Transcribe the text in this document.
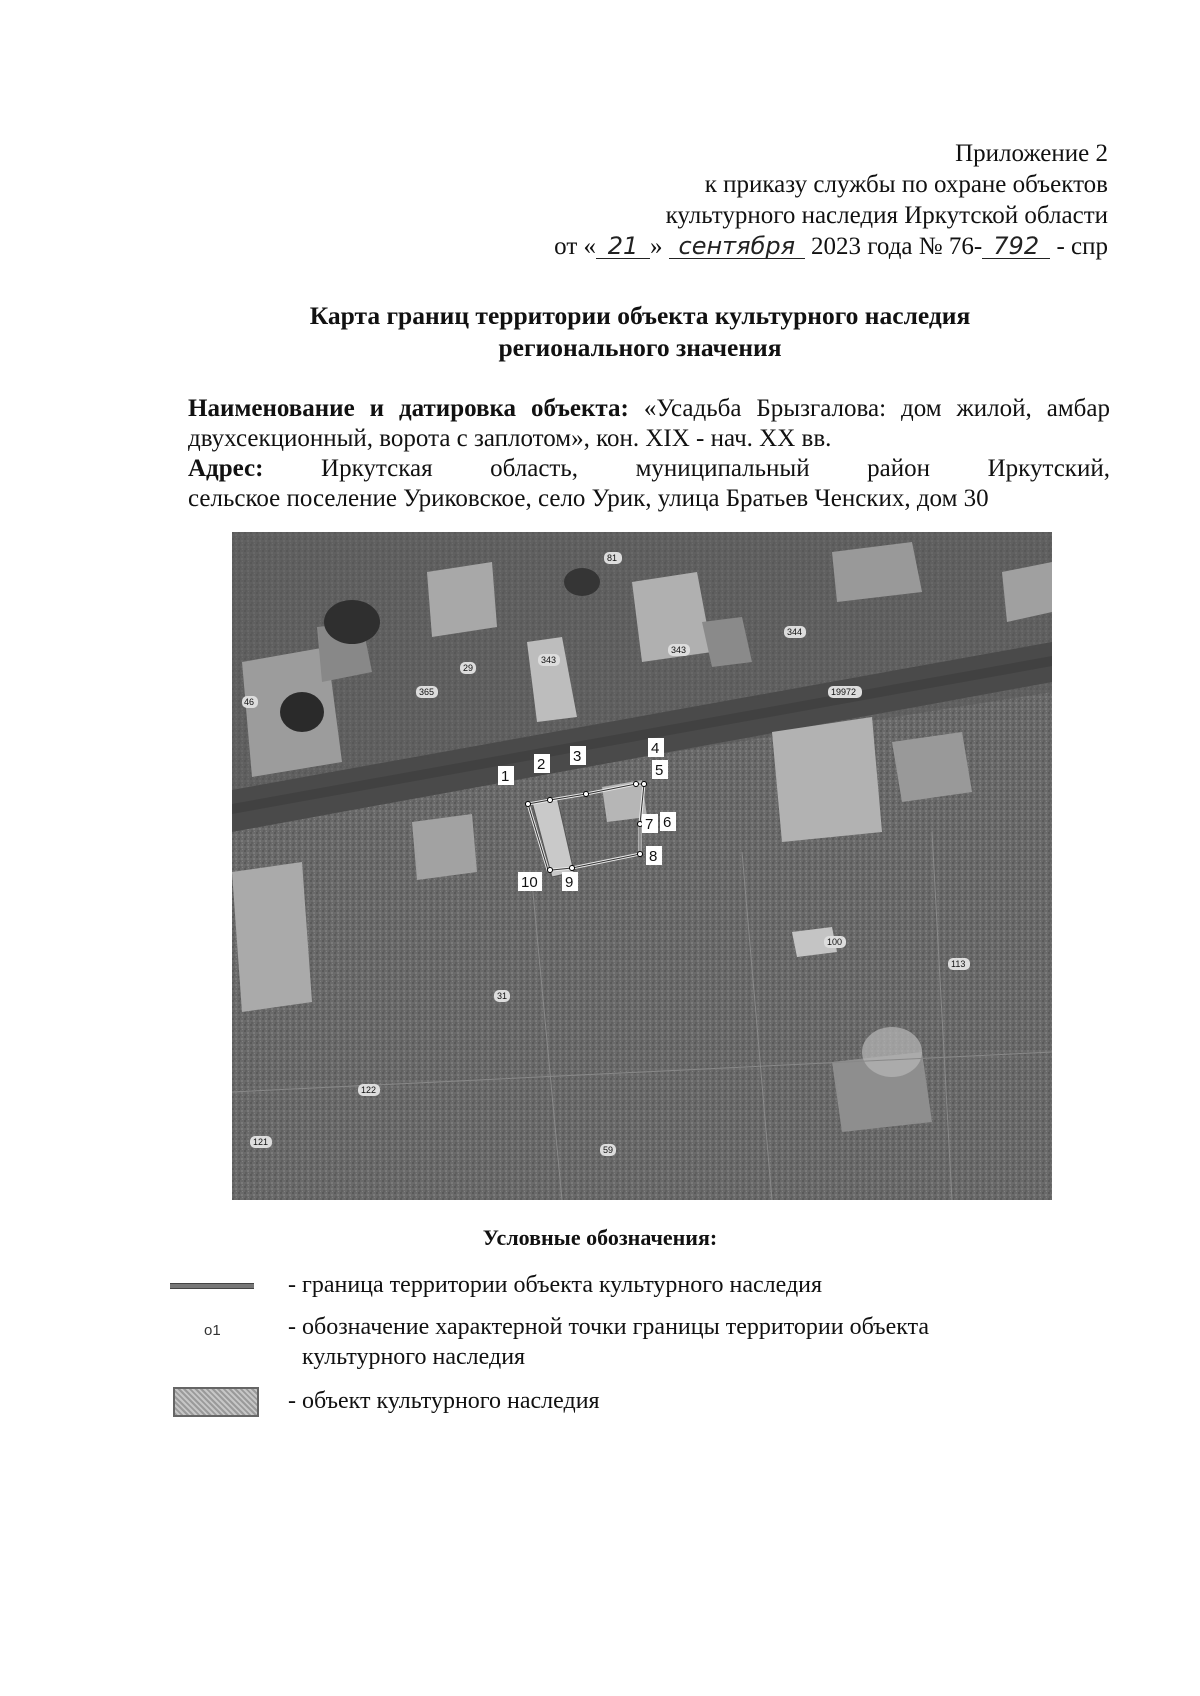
Приложение 2
к приказу службы по охране объектов
культурного наследия Иркутской области
от « 21 » сентября 2023 года № 76- 792 - спр
Карта границ территории объекта культурного наследия
регионального значения
Наименование и датировка объекта: «Усадьба Брызгалова: дом жилой, амбар двухсекционный, ворота с заплотом», кон. XIX - нач. XX вв.
Адрес: Иркутская область, муниципальный район Иркутский,
сельское поселение Уриковское, село Урик, улица Братьев Ченских, дом 30
1
2 3	4
5
6
7
8
9
10
81
343
343
344
365
29
46
19972
100
113
31
122
121
59
Условные обозначения:
- граница территории объекта культурного наследия
о1	- обозначение характерной точки границы территории объекта
культурного наследия
- объект культурного наследия
